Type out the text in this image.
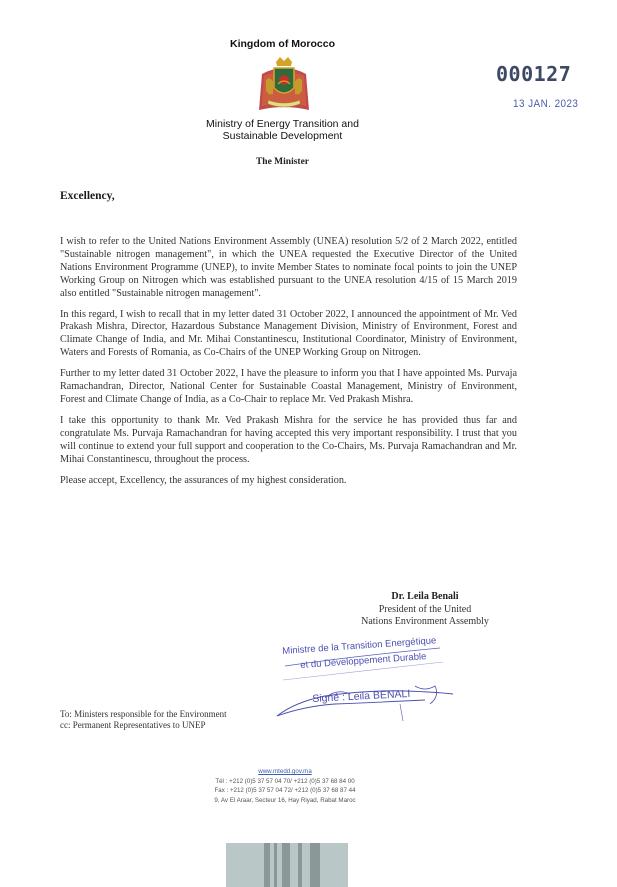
Kingdom of Morocco
Ministry of Energy Transition and
Sustainable Development
The Minister
000127
13 JAN. 2023
Excellency,

I wish to refer to the United Nations Environment Assembly (UNEA) resolution 5/2 of 2 March 2022, entitled "Sustainable nitrogen management", in which the UNEA requested the Executive Director of the United Nations Environment Programme (UNEP), to invite Member States to nominate focal points to join the UNEP Working Group on Nitrogen which was established pursuant to the UNEA resolution 4/15 of 15 March 2019 also entitled "Sustainable nitrogen management".

In this regard, I wish to recall that in my letter dated 31 October 2022, I announced the appointment of Mr. Ved Prakash Mishra, Director, Hazardous Substance Management Division, Ministry of Environment, Forest and Climate Change of India, and Mr. Mihai Constantinescu, Institutional Coordinator, Ministry of Environment, Waters and Forests of Romania, as Co-Chairs of the UNEP Working Group on Nitrogen.

Further to my letter dated 31 October 2022, I have the pleasure to inform you that I have appointed Ms. Purvaja Ramachandran, Director, National Center for Sustainable Coastal Management, Ministry of Environment, Forest and Climate Change of India, as a Co-Chair to replace Mr. Ved Prakash Mishra.

I take this opportunity to thank Mr. Ved Prakash Mishra for the service he has provided thus far and congratulate Ms. Purvaja Ramachandran for having accepted this very important responsibility. I trust that you will continue to extend your full support and cooperation to the Co-Chairs, Ms. Purvaja Ramachandran and Mr. Mihai Constantinescu, throughout the process.

Please accept, Excellency, the assurances of my highest consideration.

Dr. Leila Benali
President of the United
Nations Environment Assembly
Ministre de la Transition Energétique
et du Développement Durable
Signé : Leila BENALI
To: Ministers responsible for the Environment
cc: Permanent Representatives to UNEP
www.mtedd.gov.ma
Tél : +212 (0)5 37 57 04 70/ +212 (0)5 37 68 84 00
Fax : +212 (0)5 37 57 04 72/ +212 (0)5 37 68 87 44
9, Av El Araar, Secteur 16, Hay Riyad, Rabat Maroc
